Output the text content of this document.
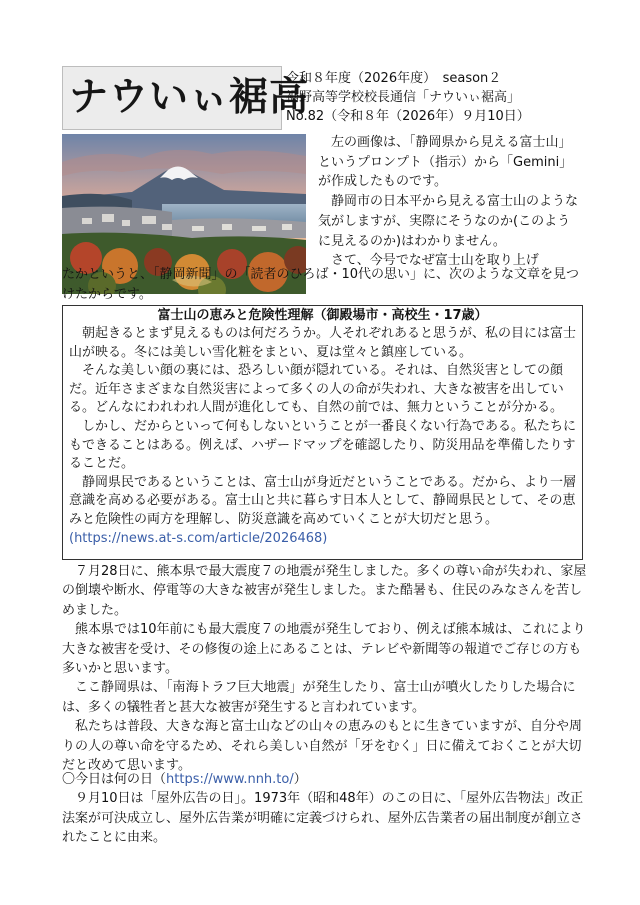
ナウいぃ裾高
令和８年度（2026年度）　season２
裾野高等学校校長通信「ナウいぃ裾高」
No.82（令和８年（2026年）９月10日）

左の画像は、「静岡県から見える富士山」というプロンプト（指示）から「Gemini」が作成したものです。

静岡市の日本平から見える富士山のような気がしますが、実際にそうなのか(このように見えるのか)はわかりません。

さて、今号でなぜ富士山を取り上げ

たかというと、「静岡新聞」の「読者のひろば・10代の思い」に、次のような文章を見つけたからです。

富士山の恵みと危険性理解（御殿場市・高校生・17歳）

朝起きるとまず見えるものは何だろうか。人それぞれあると思うが、私の目には富士山が映る。冬には美しい雪化粧をまとい、夏は堂々と鎮座している。

そんな美しい顔の裏には、恐ろしい顔が隠れている。それは、自然災害としての顔だ。近年さまざまな自然災害によって多くの人の命が失われ、大きな被害を出している。どんなにわれわれ人間が進化しても、自然の前では、無力ということが分かる。

しかし、だからといって何もしないということが一番良くない行為である。私たちにもできることはある。例えば、ハザードマップを確認したり、防災用品を準備したりすることだ。

静岡県民であるということは、富士山が身近だということである。だから、より一層意識を高める必要がある。富士山と共に暮らす日本人として、静岡県民として、その恵みと危険性の両方を理解し、防災意識を高めていくことが大切だと思う。(https://news.at-s.com/article/2026468)

７月28日に、熊本県で最大震度７の地震が発生しました。多くの尊い命が失われ、家屋の倒壊や断水、停電等の大きな被害が発生しました。また酷暑も、住民のみなさんを苦しめました。

熊本県では10年前にも最大震度７の地震が発生しており、例えば熊本城は、これにより大きな被害を受け、その修復の途上にあることは、テレビや新聞等の報道でご存じの方も多いかと思います。

ここ静岡県は、「南海トラフ巨大地震」が発生したり、富士山が噴火したりした場合には、多くの犠牲者と甚大な被害が発生すると言われています。

私たちは普段、大きな海と富士山などの山々の恵みのもとに生きていますが、自分や周りの人の尊い命を守るため、それら美しい自然が「牙をむく」日に備えておくことが大切だと改めて思います。

〇今日は何の日（https://www.nnh.to/）

９月10日は「屋外広告の日」。1973年（昭和48年）のこの日に、「屋外広告物法」改正法案が可決成立し、屋外広告業が明確に定義づけられ、屋外広告業者の届出制度が創立されたことに由来。
